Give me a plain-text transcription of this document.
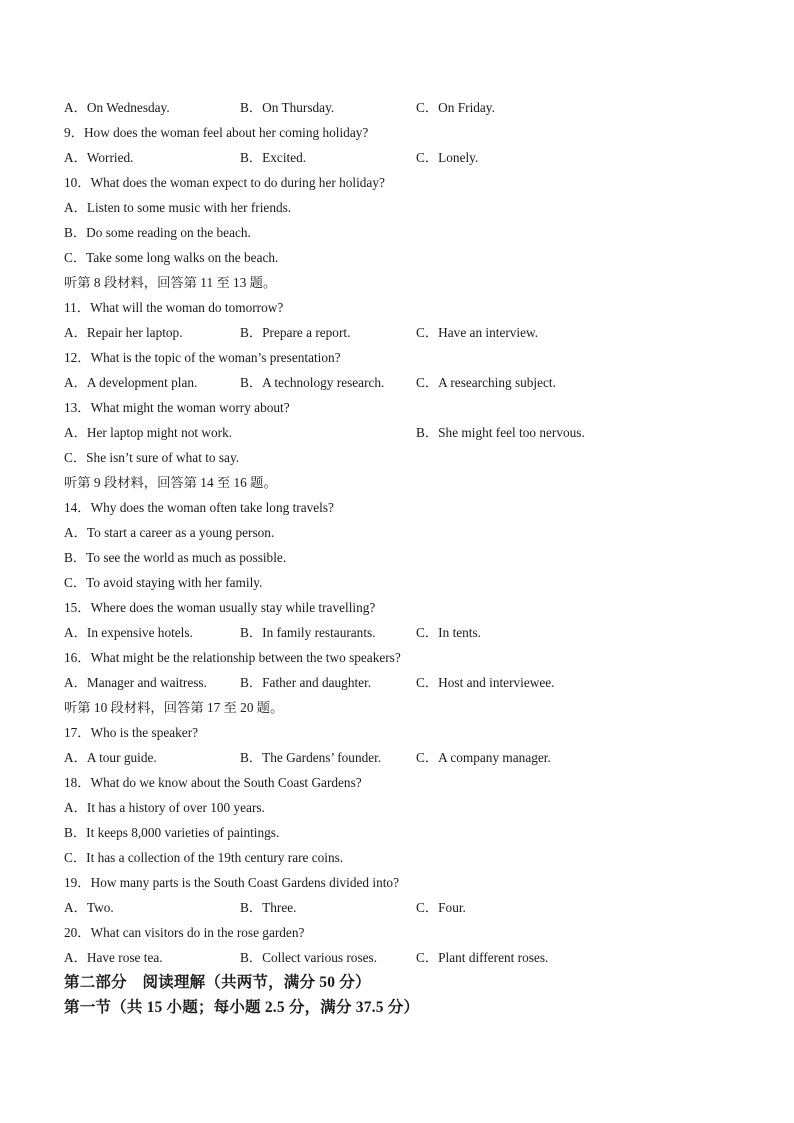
A．On Wednesday.	B．On Thursday.	C．On Friday.
9．How does the woman feel about her coming holiday?
A．Worried.	B．Excited.	C．Lonely.
10．What does the woman expect to do during her holiday?
A．Listen to some music with her friends.
B．Do some reading on the beach.
C．Take some long walks on the beach.
听第 8 段材料，回答第 11 至 13 题。
11．What will the woman do tomorrow?
A．Repair her laptop.	B．Prepare a report.	C．Have an interview.
12．What is the topic of the woman’s presentation?
A．A development plan.	B．A technology research. C．A researching subject.
13．What might the woman worry about?
A．Her laptop might not work.	B．She might feel too nervous.
C．She isn’t sure of what to say.
听第 9 段材料，回答第 14 至 16 题。
14．Why does the woman often take long travels?
A．To start a career as a young person.
B．To see the world as much as possible.
C．To avoid staying with her family.
15．Where does the woman usually stay while travelling?
A．In expensive hotels.	B．In family restaurants.	C．In tents.
16．What might be the relationship between the two speakers?
A．Manager and waitress. B．Father and daughter.	C．Host and interviewee.
听第 10 段材料，回答第 17 至 20 题。
17．Who is the speaker?
A．A tour guide.	B．The Gardens’ founder.	C．A company manager.
18．What do we know about the South Coast Gardens?
A．It has a history of over 100 years.
B．It keeps 8,000 varieties of paintings.
C．It has a collection of the 19th century rare coins.
19．How many parts is the South Coast Gardens divided into?
A．Two.	B．Three.	C．Four.
20．What can visitors do in the rose garden?
A．Have rose tea.	B．Collect various roses.	C．Plant different roses.
第二部分　阅读理解（共两节，满分 50 分）
第一节（共 15 小题；每小题 2.5 分，满分 37.5 分）
